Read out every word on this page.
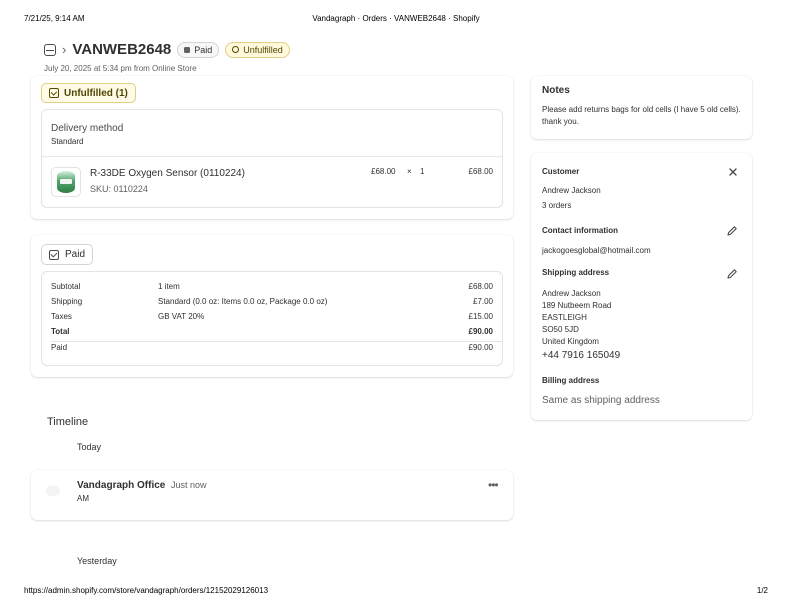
7/21/25, 9:14 AM	Vandagraph · Orders · VANWEB2648 · Shopify
https://admin.shopify.com/store/vandagraph/orders/12152029126013	1/2
› VANWEB2648	Paid	Unfulfilled
July 20, 2025 at 5:34 pm from Online Store
Unfulfilled (1)
Delivery method
Standard
R-33DE Oxygen Sensor (0110224)
SKU: 0110224
£68.00 × 1	£68.00
Paid
Subtotal	1 item	£68.00
Shipping	Standard (0.0 oz: Items 0.0 oz, Package 0.0 oz)	£7.00
Taxes	GB VAT 20%	£15.00
Total	£90.00
Paid	£90.00
Timeline
Today
Vandagraph Office Just now
AM
•••
Yesterday
Notes
Please add returns bags for old cells (I have 5 old cells). thank you.
Customer
Andrew Jackson
3 orders
Contact information
jackogoesglobal@hotmail.com
Shipping address
Andrew Jackson
189 Nutbeem Road
EASTLEIGH
SO50 5JD
United Kingdom
+44 7916 165049
Billing address
Same as shipping address
